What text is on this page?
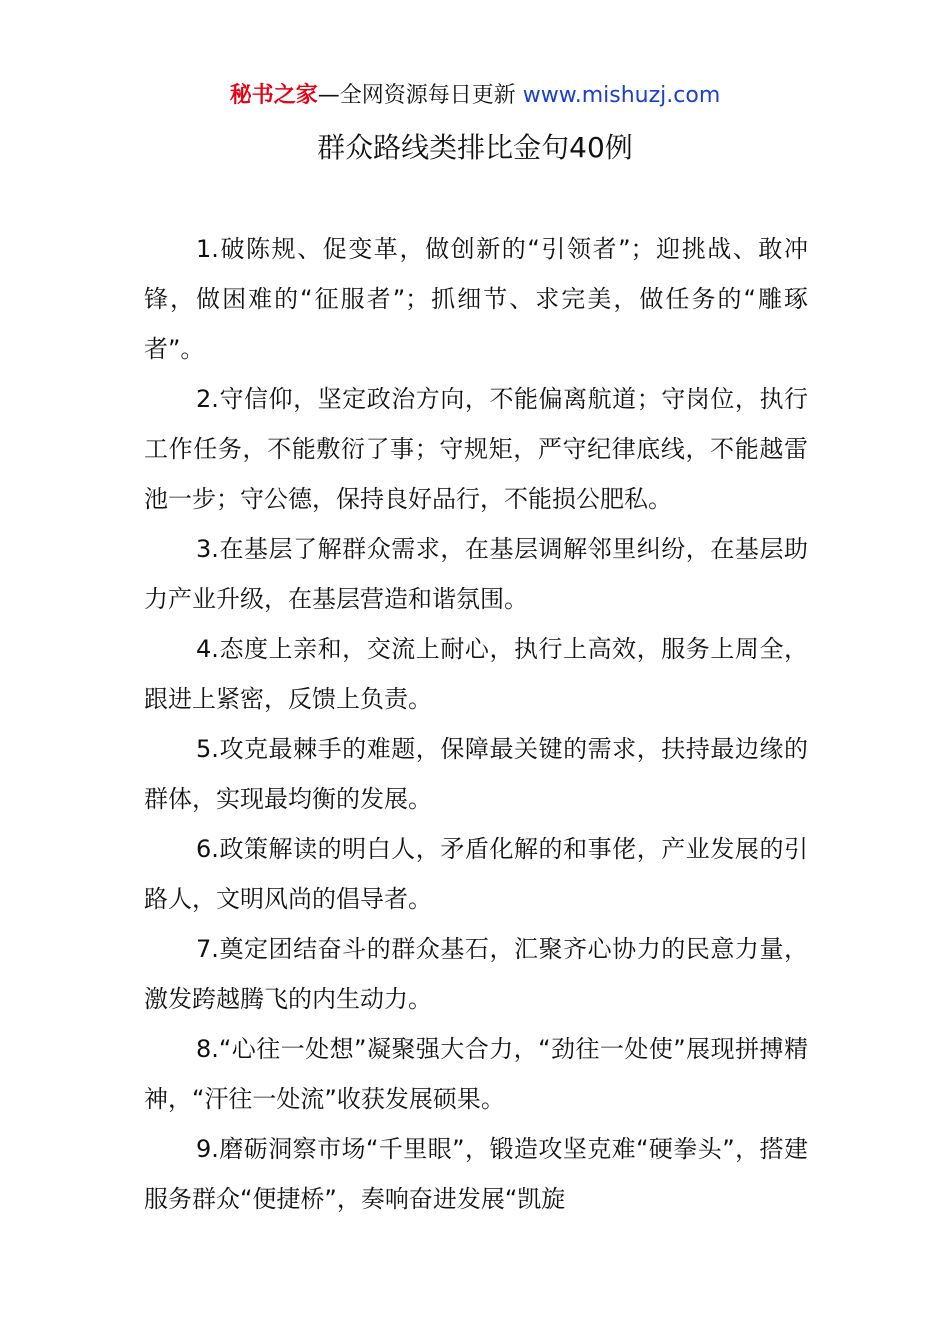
秘书之家—全网资源每日更新 www.mishuzj.com
群众路线类排比金句40例

1.破陈规、促变革，做创新的“引领者”；迎挑战、敢冲锋，做困难的“征服者”；抓细节、求完美，做任务的“雕琢者”。

2.守信仰，坚定政治方向，不能偏离航道；守岗位，执行工作任务，不能敷衍了事；守规矩，严守纪律底线，不能越雷池一步；守公德，保持良好品行，不能损公肥私。

3.在基层了解群众需求，在基层调解邻里纠纷，在基层助力产业升级，在基层营造和谐氛围。

4.态度上亲和，交流上耐心，执行上高效，服务上周全，跟进上紧密，反馈上负责。

5.攻克最棘手的难题，保障最关键的需求，扶持最边缘的群体，实现最均衡的发展。

6.政策解读的明白人，矛盾化解的和事佬，产业发展的引路人，文明风尚的倡导者。

7.奠定团结奋斗的群众基石，汇聚齐心协力的民意力量，激发跨越腾飞的内生动力。

8.“心往一处想”凝聚强大合力，“劲往一处使”展现拼搏精神，“汗往一处流”收获发展硕果。

9.磨砺洞察市场“千里眼”，锻造攻坚克难“硬拳头”，搭建服务群众“便捷桥”，奏响奋进发展“凯旋
